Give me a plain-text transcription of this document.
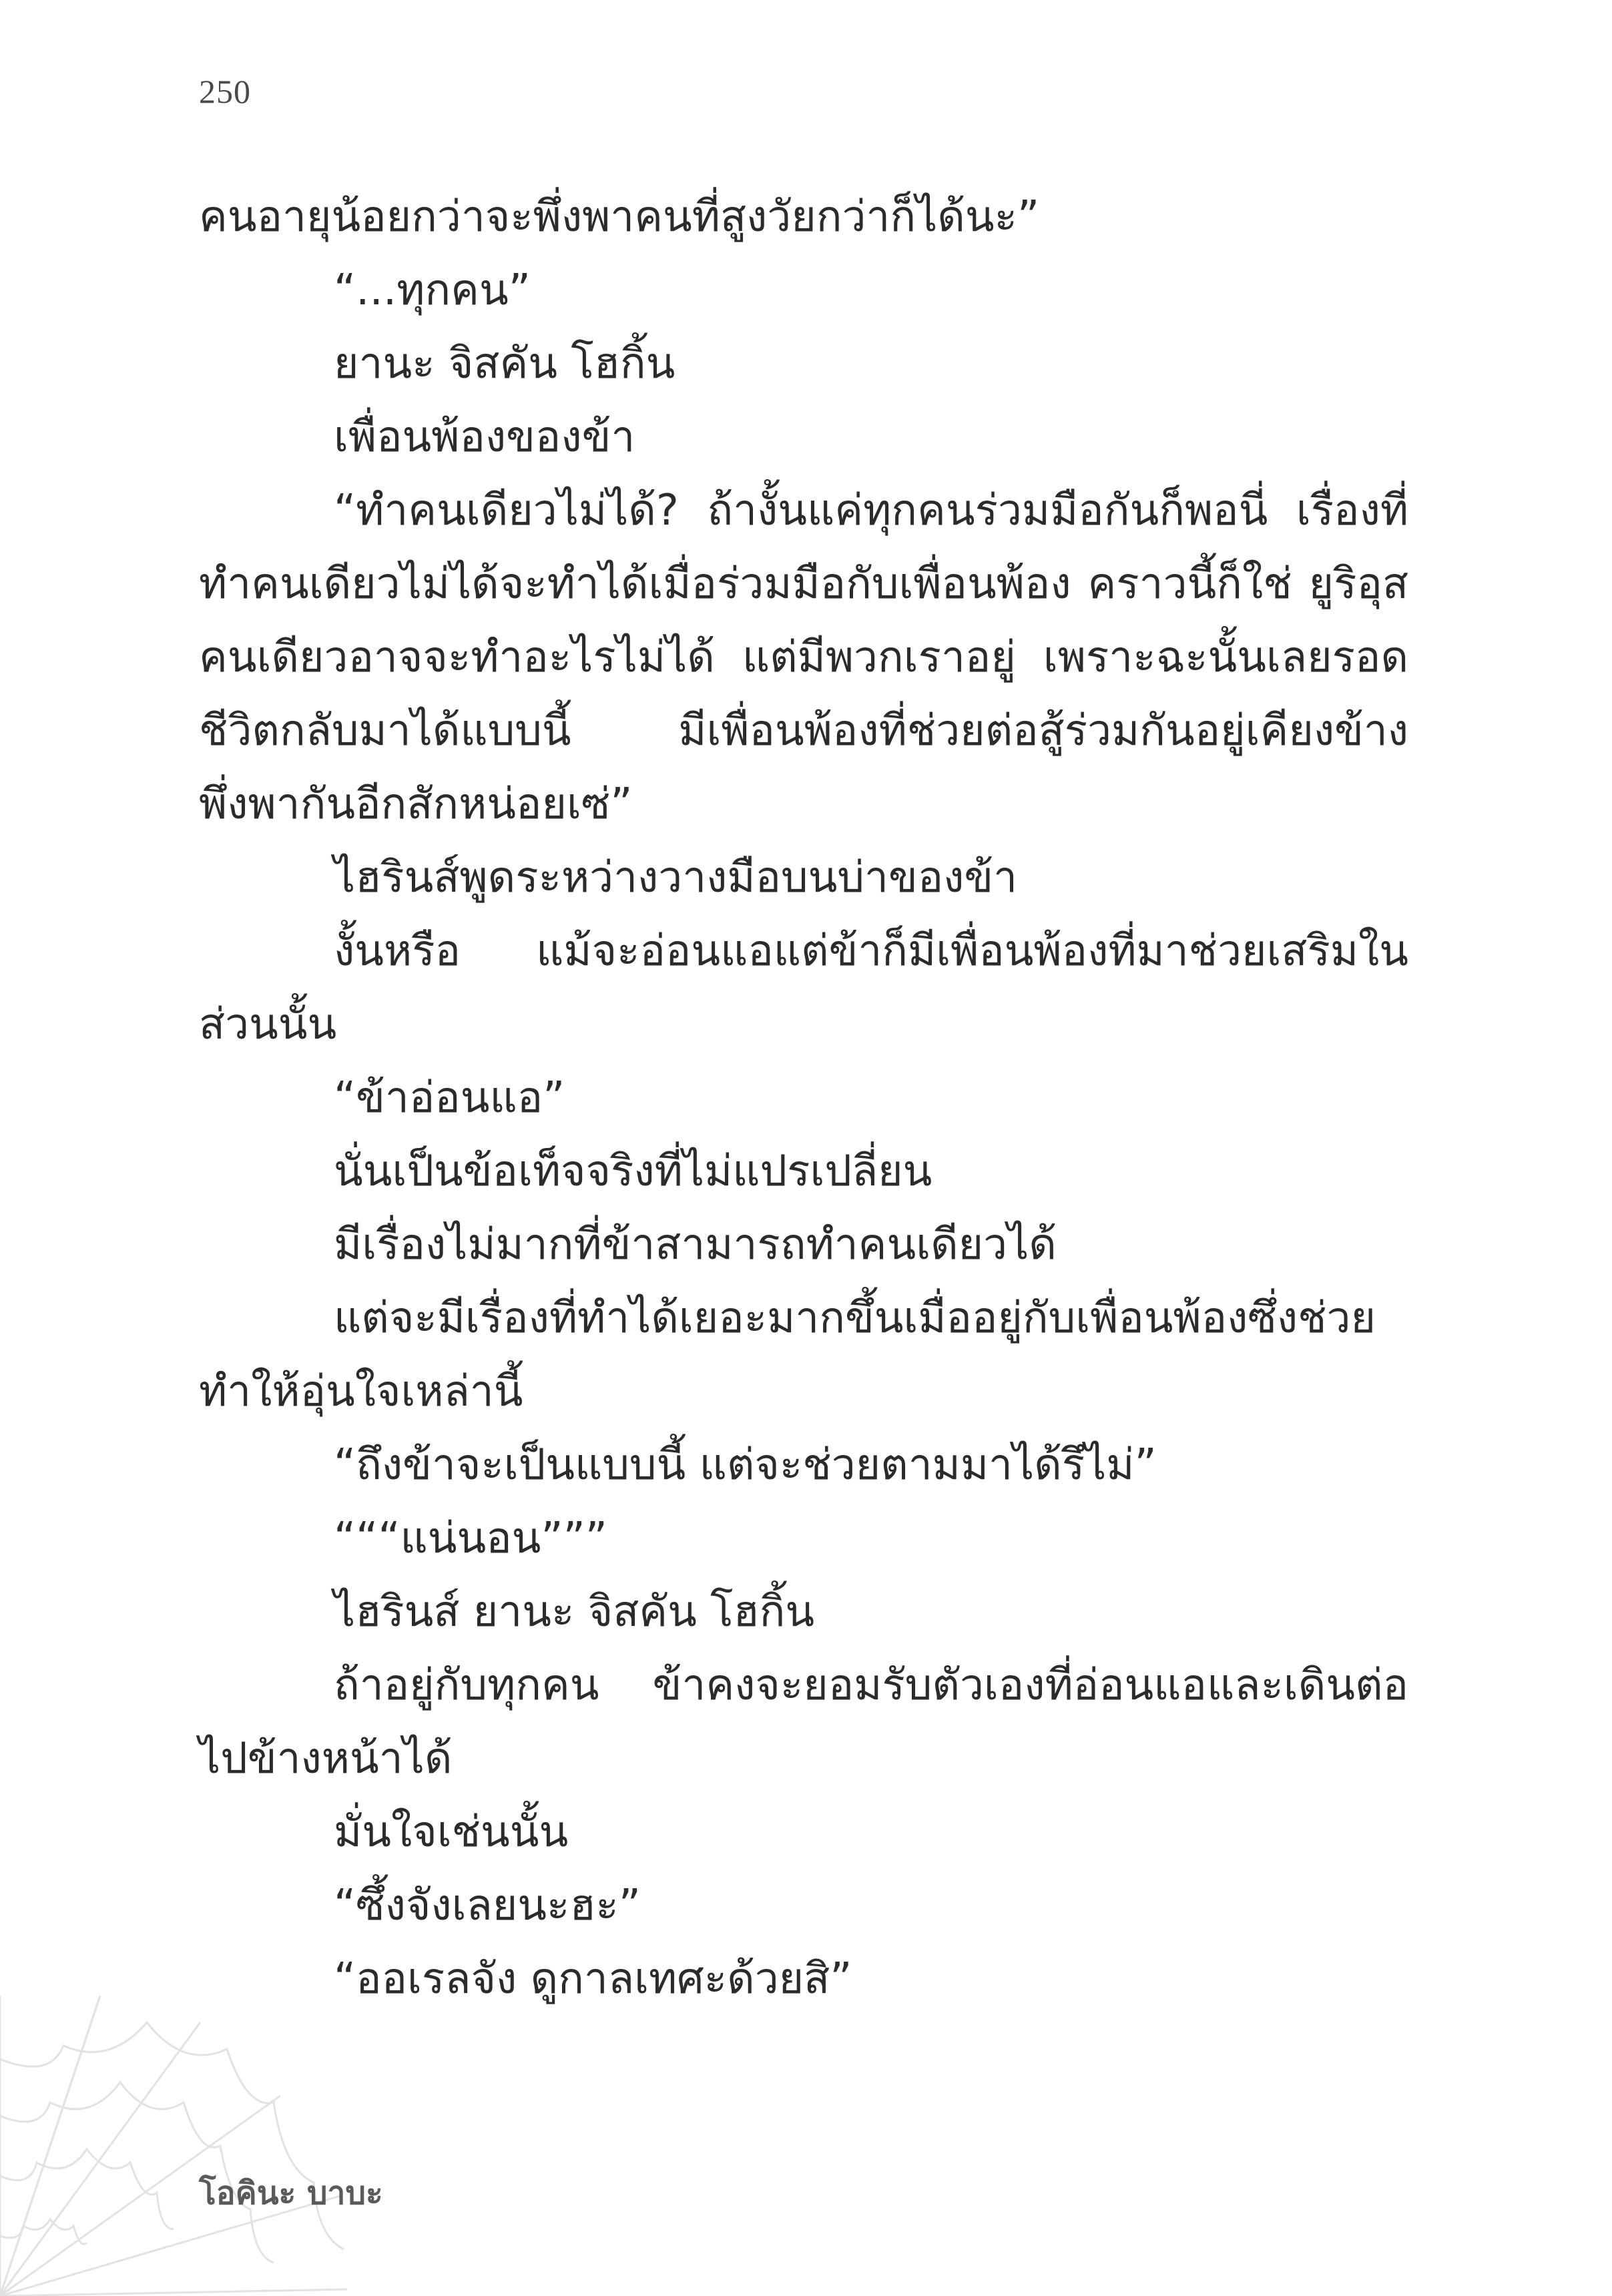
250

คนอายุน้อยกว่าจะพึ่งพาคนที่สูงวัยกว่าก็ได้นะ”

“...ทุกคน”

ยานะ จิสคัน โฮกิ้น

เพื่อนพ้องของข้า

“ทำคนเดียวไม่ได้? ถ้างั้นแค่ทุกคนร่วมมือกันก็พอนี่ เรื่องที่ทำคนเดียวไม่ได้จะทำได้เมื่อร่วมมือกับเพื่อนพ้อง คราวนี้ก็ใช่ ยูริอุสคนเดียวอาจจะทำอะไรไม่ได้ แต่มีพวกเราอยู่ เพราะฉะนั้นเลยรอดชีวิตกลับมาได้แบบนี้ มีเพื่อนพ้องที่ช่วยต่อสู้ร่วมกันอยู่เคียงข้างพึ่งพากันอีกสักหน่อยเซ่”

ไฮรินส์พูดระหว่างวางมือบนบ่าของข้า

งั้นหรือ แม้จะอ่อนแอแต่ข้าก็มีเพื่อนพ้องที่มาช่วยเสริมในส่วนนั้น

“ข้าอ่อนแอ”

นั่นเป็นข้อเท็จจริงที่ไม่แปรเปลี่ยน

มีเรื่องไม่มากที่ข้าสามารถทำคนเดียวได้

แต่จะมีเรื่องที่ทำได้เยอะมากขึ้นเมื่ออยู่กับเพื่อนพ้องซึ่งช่วยทำให้อุ่นใจเหล่านี้

“ถึงข้าจะเป็นแบบนี้ แต่จะช่วยตามมาได้รึไม่”

“““แน่นอน”””

ไฮรินส์ ยานะ จิสคัน โฮกิ้น

ถ้าอยู่กับทุกคน ข้าคงจะยอมรับตัวเองที่อ่อนแอและเดินต่อไปข้างหน้าได้

มั่นใจเช่นนั้น

“ซึ้งจังเลยนะฮะ”

“ออเรลจัง ดูกาลเทศะด้วยสิ”

โอคินะ บาบะ
